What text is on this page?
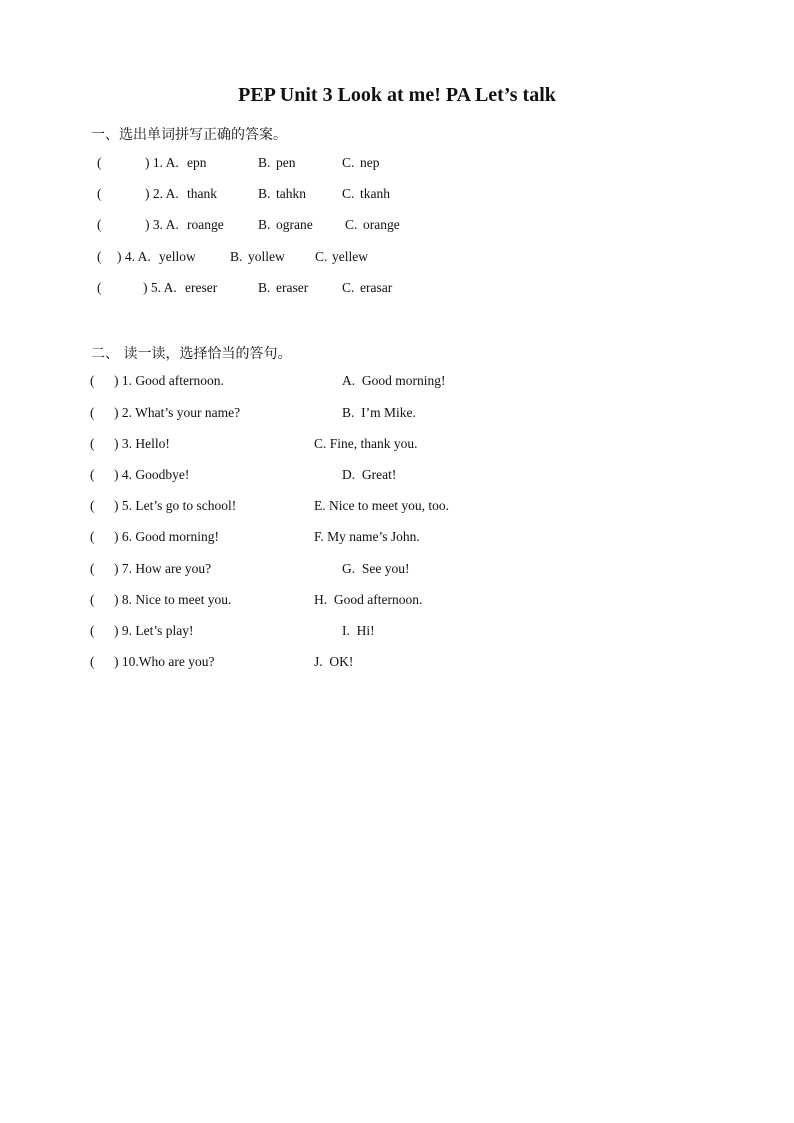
PEP Unit 3 Look at me! PA Let’s talk
一、选出单词拼写正确的答案。
(	) 1. A. epn	B. pen	C. nep
(	) 2. A. thank	B. tahkn	C. tkanh
(	) 3. A. roange	B. ograne C. orange
( ) 4. A. yellow	B. yollew C. yellew
(	) 5. A. ereser	B. eraser	C. erasar
二、 读一读，选择恰当的答句。
( ) 1. Good afternoon.	A.  Good morning!
( ) 2. What’s your name?	B.  I’m Mike.
( ) 3. Hello!	C. Fine, thank you.
( ) 4. Goodbye!	D.  Great!
( ) 5. Let’s go to school!	E. Nice to meet you, too.
( ) 6. Good morning!	F. My name’s John.
( ) 7. How are you?	G.  See you!
( ) 8. Nice to meet you.	H.  Good afternoon.
( ) 9. Let’s play!	I.  Hi!
( ) 10.Who are you?	J.  OK!
